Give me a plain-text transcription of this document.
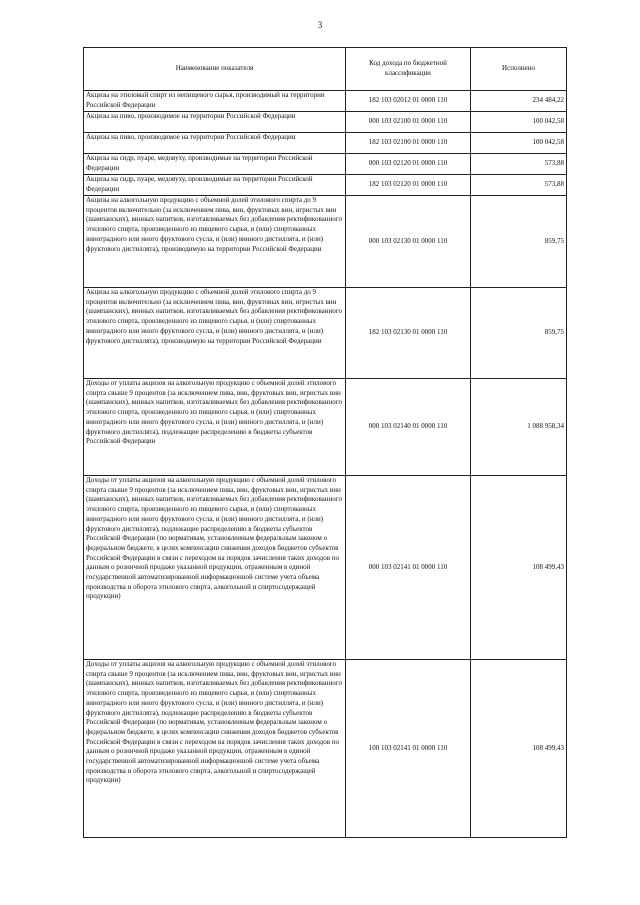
3
Наименование показателя	Код дохода по бюджетной классификации	Исполнено
Акцизы на этиловый спирт из непищевого сырья, производимый на территории Российской Федерации	182 103 02012 01 0000 110	234 484,22
Акцизы на пиво, производимое на территории Российской Федерации	000 103 02100 01 0000 110	100 042,58
Акцизы на пиво, производимое на территории Российской Федерации	182 103 02100 01 0000 110	100 042,58
Акцизы на сидр, пуаре, медовуху, производимые на территории Российской Федерации	000 103 02120 01 0000 110	573,88
Акцизы на сидр, пуаре, медовуху, производимые на территории Российской Федерации	182 103 02120 01 0000 110	573,88
Акцизы на алкогольную продукцию с объемной долей этилового спирта до 9 процентов включительно (за исключением пива, вин, фруктовых вин, игристых вин (шампанских), винных напитков, изготавливаемых без добавления ректификованного этилового спирта, произведенного из пищевого сырья, и (или) спиртованных виноградного или иного фруктового сусла, и (или) винного дистиллята, и (или) фруктового дистиллята), производимую на территории Российской Федерации	000 103 02130 01 0000 110	859,75
Акцизы на алкогольную продукцию с объемной долей этилового спирта до 9 процентов включительно (за исключением пива, вин, фруктовых вин, игристых вин (шампанских), винных напитков, изготавливаемых без добавления ректификованного этилового спирта, произведенного из пищевого сырья, и (или) спиртованных виноградного или иного фруктового сусла, и (или) винного дистиллята, и (или) фруктового дистиллята), производимую на территории Российской Федерации	182 103 02130 01 0000 110	859,75
Доходы от уплаты акцизов на алкогольную продукцию с объемной долей этилового спирта свыше 9 процентов (за исключением пива, вин, фруктовых вин, игристых вин (шампанских), винных напитков, изготавливаемых без добавления ректификованного этилового спирта, произведенного из пищевого сырья, и (или) спиртованных виноградного или иного фруктового сусла, и (или) винного дистиллята, и (или) фруктового дистиллята), подлежащие распределению в бюджеты субъектов Российской Федерации	000 103 02140 01 0000 110	1 088 958,34
Доходы от уплаты акцизов на алкогольную продукцию с объемной долей этилового спирта свыше 9 процентов (за исключением пива, вин, фруктовых вин, игристых вин (шампанских), винных напитков, изготавливаемых без добавления ректификованного этилового спирта, произведенного из пищевого сырья, и (или) спиртованных виноградного или иного фруктового сусла, и (или) винного дистиллята, и (или) фруктового дистиллята), подлежащие распределению в бюджеты субъектов Российской Федерации (по нормативам, установленным федеральным законом о федеральном бюджете, в целях компенсации снижения доходов бюджетов субъектов Российской Федерации в связи с переходом на порядок зачисления таких доходов по данным о розничной продаже указанной продукции, отраженным в единой государственной автоматизированной информационной системе учета объема производства и оборота этилового спирта, алкогольной и спиртосодержащей продукции)	000 103 02141 01 0000 110	108 499,43
Доходы от уплаты акцизов на алкогольную продукцию с объемной долей этилового спирта свыше 9 процентов (за исключением пива, вин, фруктовых вин, игристых вин (шампанских), винных напитков, изготавливаемых без добавления ректификованного этилового спирта, произведенного из пищевого сырья, и (или) спиртованных виноградного или иного фруктового сусла, и (или) винного дистиллята, и (или) фруктового дистиллята), подлежащие распределению в бюджеты субъектов Российской Федерации (по нормативам, установленным федеральным законом о федеральном бюджете, в целях компенсации снижения доходов бюджетов субъектов Российской Федерации в связи с переходом на порядок зачисления таких доходов по данным о розничной продаже указанной продукции, отраженным в единой государственной автоматизированной информационной системе учета объема производства и оборота этилового спирта, алкогольной и спиртосодержащей продукции)	100 103 02141 01 0000 110	108 499,43
